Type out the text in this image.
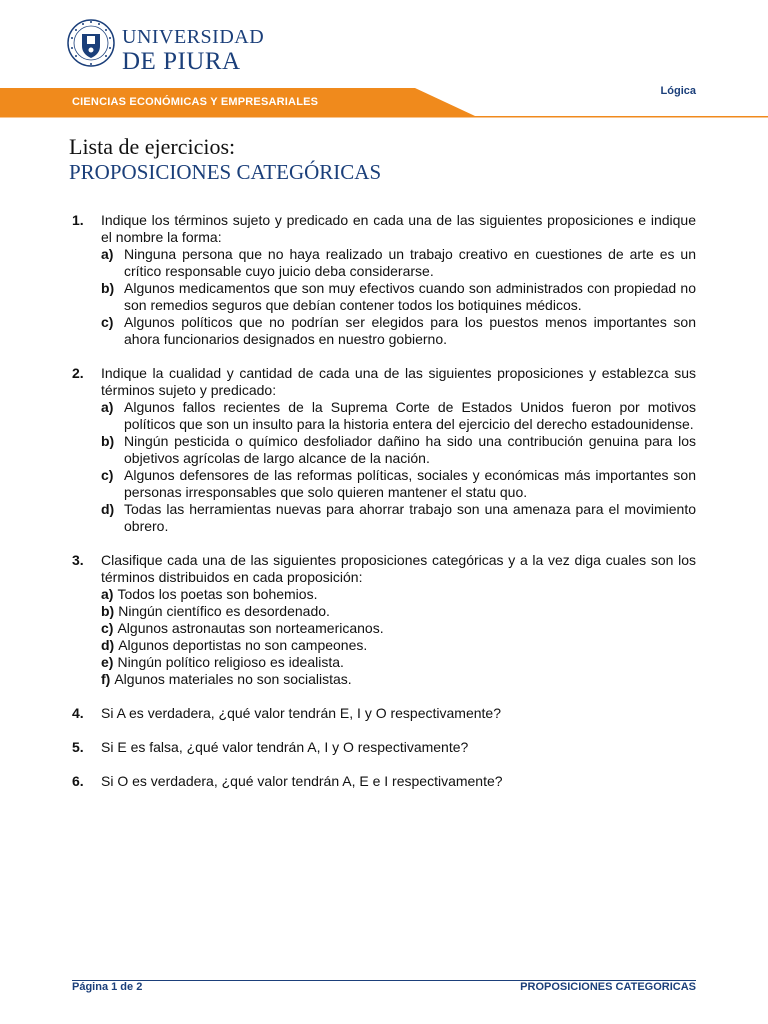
UNIVERSIDAD
DE PIURA
Lógica
CIENCIAS ECONÓMICAS Y EMPRESARIALES
Lista de ejercicios:
PROPOSICIONES CATEGÓRICAS
1. Indique los términos sujeto y predicado en cada una de las siguientes proposiciones e indique el nombre la forma:
a) Ninguna persona que no haya realizado un trabajo creativo en cuestiones de arte es un crítico responsable cuyo juicio deba considerarse.
b) Algunos medicamentos que son muy efectivos cuando son administrados con propiedad no son remedios seguros que debían contener todos los botiquines médicos.
c) Algunos políticos que no podrían ser elegidos para los puestos menos importantes son ahora funcionarios designados en nuestro gobierno.
2. Indique la cualidad y cantidad de cada una de las siguientes proposiciones y establezca sus términos sujeto y predicado:
a) Algunos fallos recientes de la Suprema Corte de Estados Unidos fueron por motivos políticos que son un insulto para la historia entera del ejercicio del derecho estadounidense.
b) Ningún pesticida o químico desfoliador dañino ha sido una contribución genuina para los objetivos agrícolas de largo alcance de la nación.
c) Algunos defensores de las reformas políticas, sociales y económicas más importantes son personas irresponsables que solo quieren mantener el statu quo.
d) Todas las herramientas nuevas para ahorrar trabajo son una amenaza para el movimiento obrero.
3. Clasifique cada una de las siguientes proposiciones categóricas y a la vez diga cuales son los términos distribuidos en cada proposición:
a) Todos los poetas son bohemios.
b) Ningún científico es desordenado.
c) Algunos astronautas son norteamericanos.
d) Algunos deportistas no son campeones.
e) Ningún político religioso es idealista.
f) Algunos materiales no son socialistas.
4. Si A es verdadera, ¿qué valor tendrán E, I y O respectivamente?
5. Si E es falsa, ¿qué valor tendrán A, I y O respectivamente?
6. Si O es verdadera, ¿qué valor tendrán A, E e I respectivamente?
Página 1 de 2	PROPOSICIONES CATEGORICAS
